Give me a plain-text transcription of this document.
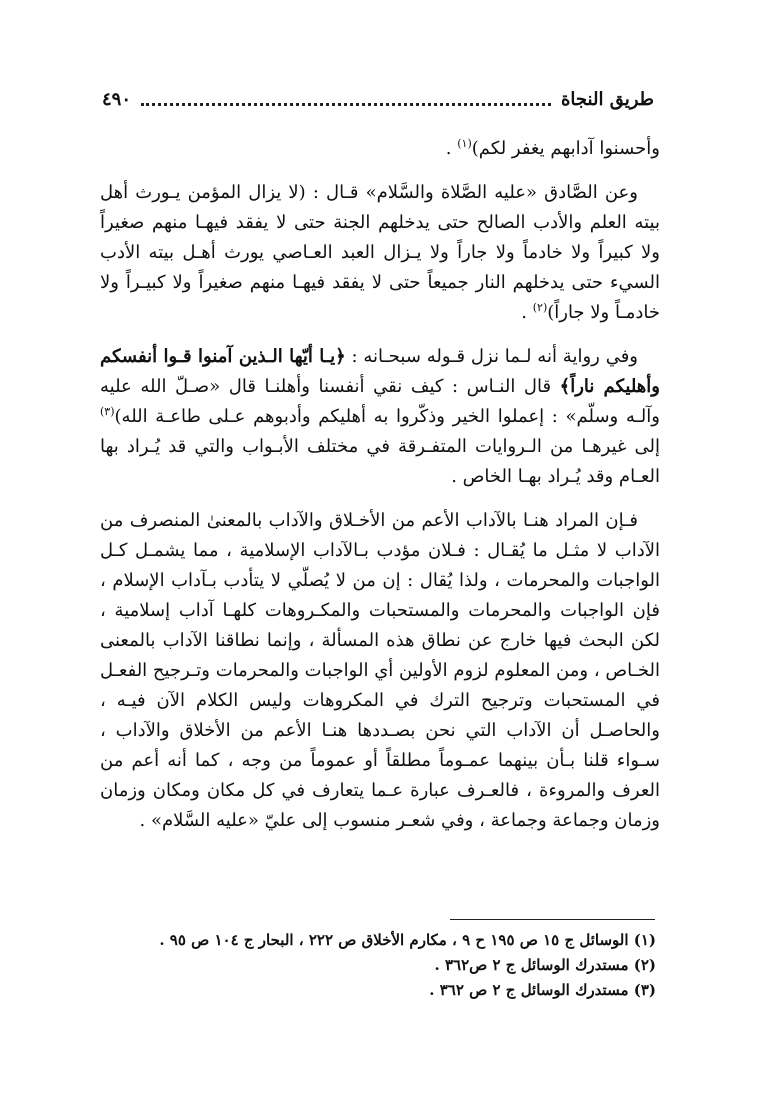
٤٩٠	طريق النجاة

وأحسنوا آدابهم يغفر لكم)$^{(١)}$ .

وعن الصَّادق «عليه الصَّلاة والسَّلام» قـال : (لا يزال المؤمن يـورث أهل بيته العلم والأدب الصالح حتى يدخلهم الجنة حتى لا يفقد فيهـا منهم صغيراً ولا كبيراً ولا خادماً ولا جاراً ولا يـزال العبد العـاصي يورث أهـل بيته الأدب السيء حتى يدخلهم النار جميعاً حتى لا يفقد فيهـا منهم صغيراً ولا كبيـراً ولا خادمـاً ولا جاراً)$^{(٢)}$ .

وفي رواية أنه لـما نزل قـوله سبحـانه : ﴿يـا أيّها الـذين آمنوا قـوا أنفسكم وأهليكم ناراً﴾ قال النـاس : كيف نقي أنفسنا وأهلنـا قال «صـلّ الله عليه وآلـه وسلّم» : إعملوا الخير وذكّروا به أهليكم وأدبوهم عـلى طاعـة الله)$^{(٣)}$ إلى غيرهـا من الـروايات المتفـرقة في مختلف الأبـواب والتي قد يُـراد بها العـام وقد يُـراد بهـا الخاص .

فـإن المراد هنـا بالآداب الأعم من الأخـلاق والآداب بالمعنىٰ المنصرف من الآداب لا مثـل ما يُقـال : فـلان مؤدب بـالآداب الإسلامية ، مما يشمـل كـل الواجبات والمحرمات ، ولذا يُقال : إن من لا يُصلّي لا يتأدب بـآداب الإسلام ، فإن الواجبات والمحرمات والمستحبات والمكـروهات كلهـا آداب إسلامية ، لكن البحث فيها خارج عن نطاق هذه المسألة ، وإنما نطاقنا الآداب بالمعنى الخـاص ، ومن المعلوم لزوم الأولين أي الواجبات والمحرمات وتـرجيح الفعـل في المستحبات وترجيح الترك في المكروهات وليس الكلام الآن فيـه ، والحاصـل أن الآداب التي نحن بصـددها هنـا الأعم من الأخلاق والآداب ، سـواء قلنا بـأن بينهما عمـوماً مطلقاً أو عموماً من وجه ، كما أنه أعم من العرف والمروءة ، فالعـرف عبارة عـما يتعارف في كل مكان ومكان وزمان وزمان وجماعة وجماعة ، وفي شعـر منسوب إلى عليّ «عليه السَّلام» .

(١) الوسائل ج ١٥ ص ١٩٥ ح ٩ ، مكارم الأخلاق ص ٢٢٢ ، البحار ج ١٠٤ ص ٩٥ .
(٢) مستدرك الوسائل ج ٢ ص٣٦٢ .
(٣) مستدرك الوسائل ج ٢ ص ٣٦٢ .
